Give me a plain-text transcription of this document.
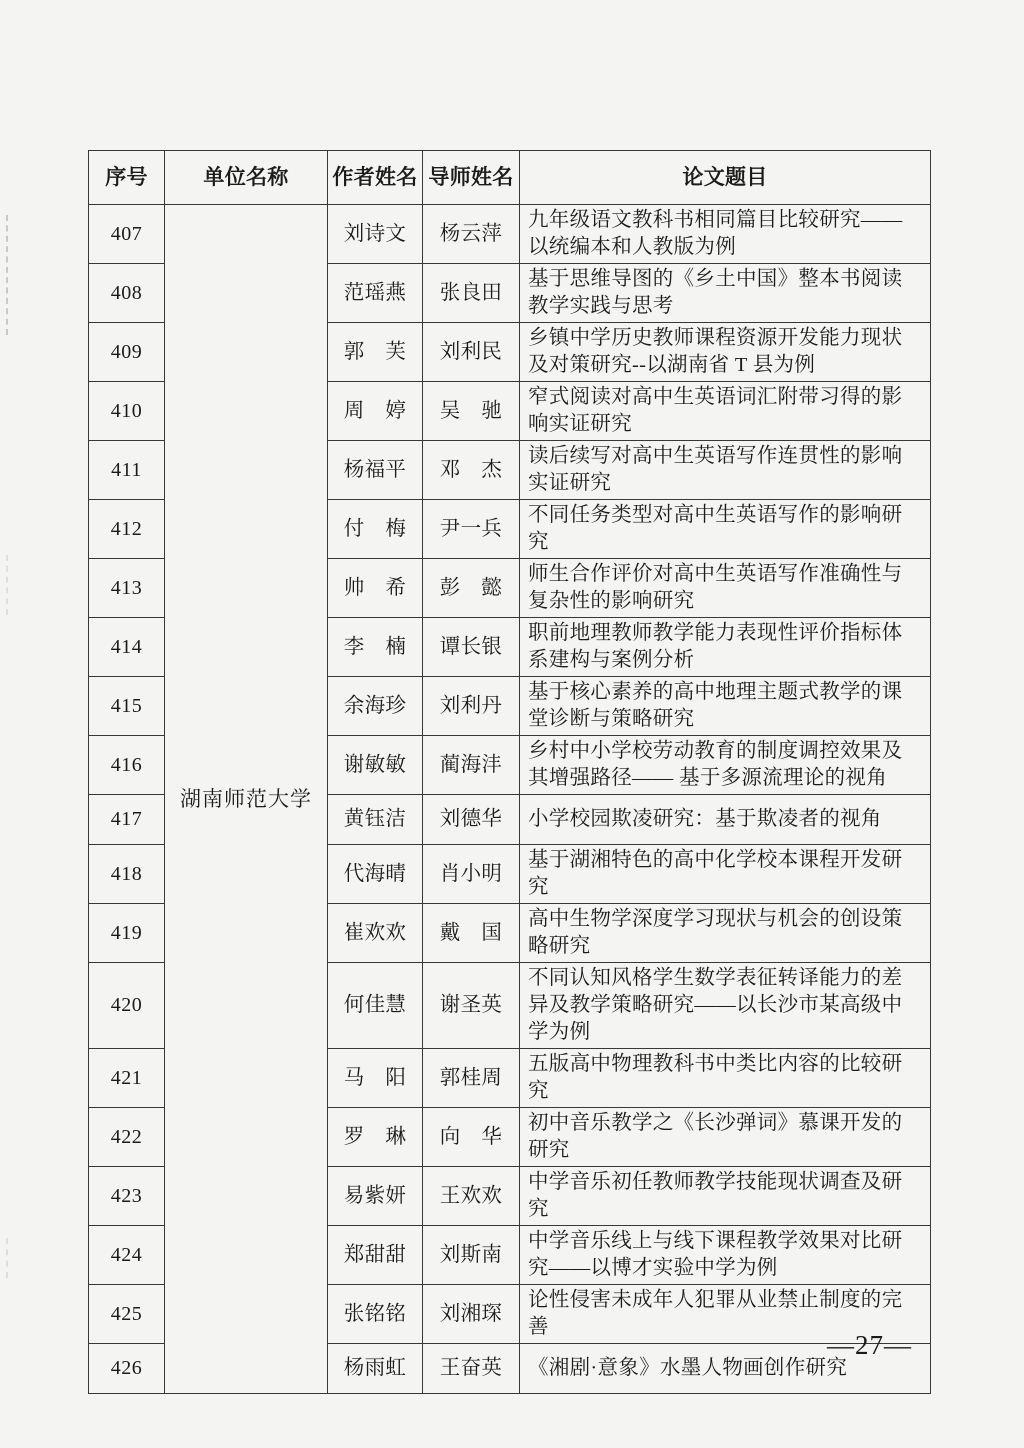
序号	单位名称	作者姓名	导师姓名	论文题目
407	湖南师范大学	刘诗文	杨云萍	九年级语文教科书相同篇目比较研究——以统编本和人教版为例
408		范瑶燕	张良田	基于思维导图的《乡土中国》整本书阅读教学实践与思考
409		郭　芙	刘利民	乡镇中学历史教师课程资源开发能力现状及对策研究--以湖南省 T 县为例
410		周　婷	吴　驰	窄式阅读对高中生英语词汇附带习得的影响实证研究
411		杨福平	邓　杰	读后续写对高中生英语写作连贯性的影响实证研究
412		付　梅	尹一兵	不同任务类型对高中生英语写作的影响研究
413		帅　希	彭　懿	师生合作评价对高中生英语写作准确性与复杂性的影响研究
414		李　楠	谭长银	职前地理教师教学能力表现性评价指标体系建构与案例分析
415		余海珍	刘利丹	基于核心素养的高中地理主题式教学的课堂诊断与策略研究
416		谢敏敏	蔺海沣	乡村中小学校劳动教育的制度调控效果及其增强路径—— 基于多源流理论的视角
417		黄钰洁	刘德华	小学校园欺凌研究：基于欺凌者的视角
418		代海晴	肖小明	基于湖湘特色的高中化学校本课程开发研究
419		崔欢欢	戴　国	高中生物学深度学习现状与机会的创设策略研究
420		何佳慧	谢圣英	不同认知风格学生数学表征转译能力的差异及教学策略研究——以长沙市某高级中学为例
421		马　阳	郭桂周	五版高中物理教科书中类比内容的比较研究
422		罗　琳	向　华	初中音乐教学之《长沙弹词》慕课开发的研究
423		易紫妍	王欢欢	中学音乐初任教师教学技能现状调查及研究
424		郑甜甜	刘斯南	中学音乐线上与线下课程教学效果对比研究——以博才实验中学为例
425		张铭铭	刘湘琛	论性侵害未成年人犯罪从业禁止制度的完善
426		杨雨虹	王奋英	《湘剧·意象》水墨人物画创作研究
—27—
